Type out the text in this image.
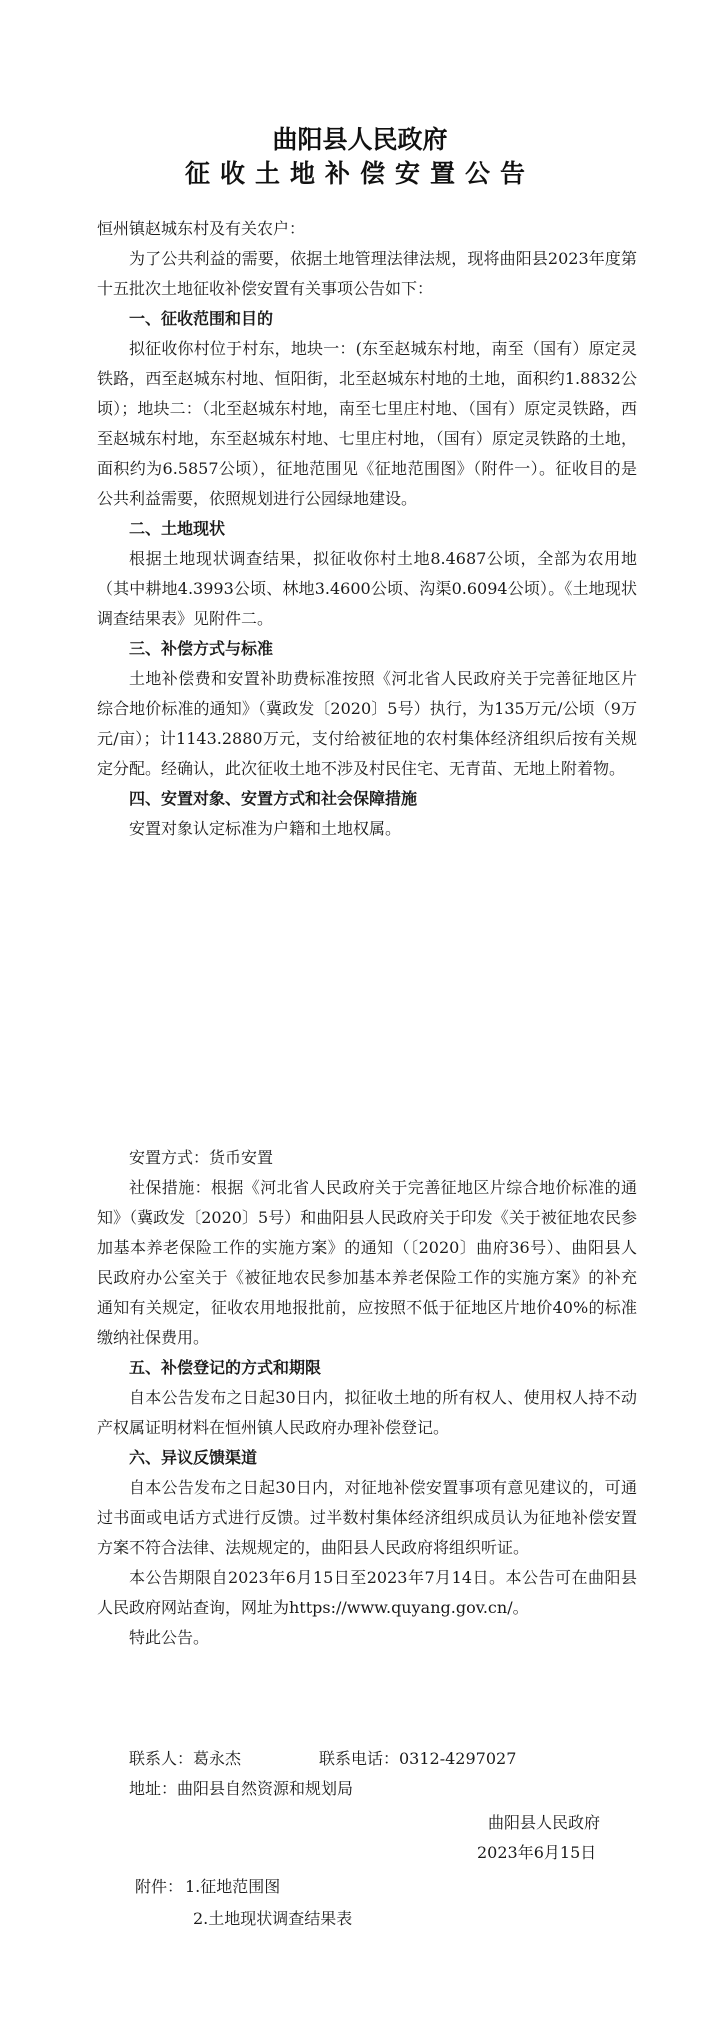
曲阳县人民政府
征收土地补偿安置公告

恒州镇赵城东村及有关农户：

为了公共利益的需要，依据土地管理法律法规，现将曲阳县2023年度第十五批次土地征收补偿安置有关事项公告如下：

一、征收范围和目的

拟征收你村位于村东，地块一：(东至赵城东村地，南至（国有）原定灵铁路，西至赵城东村地、恒阳街，北至赵城东村地的土地，面积约1.8832公顷）；地块二：（北至赵城东村地，南至七里庄村地、（国有）原定灵铁路，西至赵城东村地，东至赵城东村地、七里庄村地，（国有）原定灵铁路的土地，面积约为6.5857公顷），征地范围见《征地范围图》（附件一）。征收目的是公共利益需要，依照规划进行公园绿地建设。

二、土地现状

根据土地现状调查结果，拟征收你村土地8.4687公顷，全部为农用地（其中耕地4.3993公顷、林地3.4600公顷、沟渠0.6094公顷）。《土地现状调查结果表》见附件二。

三、补偿方式与标准

土地补偿费和安置补助费标准按照《河北省人民政府关于完善征地区片综合地价标准的通知》（冀政发〔2020〕5号）执行，为135万元/公顷（9万元/亩）；计1143.2880万元，支付给被征地的农村集体经济组织后按有关规定分配。经确认，此次征收土地不涉及村民住宅、无青苗、无地上附着物。

四、安置对象、安置方式和社会保障措施

安置对象认定标准为户籍和土地权属。

安置方式：货币安置

社保措施：根据《河北省人民政府关于完善征地区片综合地价标准的通知》（冀政发〔2020〕5号）和曲阳县人民政府关于印发《关于被征地农民参加基本养老保险工作的实施方案》的通知（〔2020〕曲府36号）、曲阳县人民政府办公室关于《被征地农民参加基本养老保险工作的实施方案》的补充通知有关规定，征收农用地报批前，应按照不低于征地区片地价40%的标准缴纳社保费用。

五、补偿登记的方式和期限

自本公告发布之日起30日内，拟征收土地的所有权人、使用权人持不动产权属证明材料在恒州镇人民政府办理补偿登记。

六、异议反馈渠道

自本公告发布之日起30日内，对征地补偿安置事项有意见建议的，可通过书面或电话方式进行反馈。过半数村集体经济组织成员认为征地补偿安置方案不符合法律、法规规定的，曲阳县人民政府将组织听证。

本公告期限自2023年6月15日至2023年7月14日。本公告可在曲阳县人民政府网站查询，网址为https://www.quyang.gov.cn/。

特此公告。

联系人：葛永杰	联系电话：0312-4297027
地址：曲阳县自然资源和规划局
曲阳县人民政府
2023年6月15日
附件： 1.征地范围图
2.土地现状调查结果表
